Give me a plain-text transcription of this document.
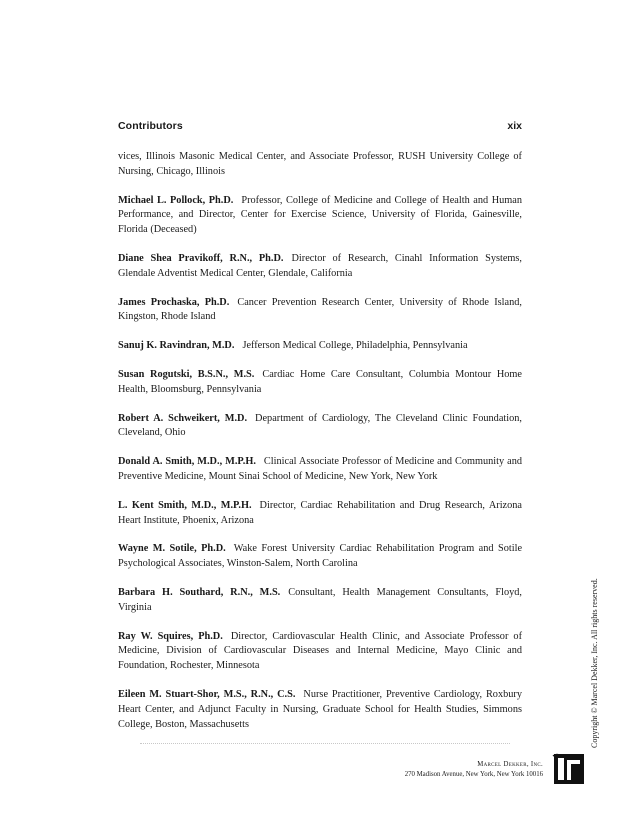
Contributors	xix

vices, Illinois Masonic Medical Center, and Associate Professor, RUSH University College of Nursing, Chicago, Illinois

Michael L. Pollock, Ph.D. Professor, College of Medicine and College of Health and Human Performance, and Director, Center for Exercise Science, University of Florida, Gainesville, Florida (Deceased)

Diane Shea Pravikoff, R.N., Ph.D. Director of Research, Cinahl Information Systems, Glendale Adventist Medical Center, Glendale, California

James Prochaska, Ph.D. Cancer Prevention Research Center, University of Rhode Island, Kingston, Rhode Island

Sanuj K. Ravindran, M.D. Jefferson Medical College, Philadelphia, Pennsylvania

Susan Rogutski, B.S.N., M.S. Cardiac Home Care Consultant, Columbia Montour Home Health, Bloomsburg, Pennsylvania

Robert A. Schweikert, M.D. Department of Cardiology, The Cleveland Clinic Foundation, Cleveland, Ohio

Donald A. Smith, M.D., M.P.H. Clinical Associate Professor of Medicine and Community and Preventive Medicine, Mount Sinai School of Medicine, New York, New York

L. Kent Smith, M.D., M.P.H. Director, Cardiac Rehabilitation and Drug Research, Arizona Heart Institute, Phoenix, Arizona

Wayne M. Sotile, Ph.D. Wake Forest University Cardiac Rehabilitation Program and Sotile Psychological Associates, Winston-Salem, North Carolina

Barbara H. Southard, R.N., M.S. Consultant, Health Management Consultants, Floyd, Virginia

Ray W. Squires, Ph.D. Director, Cardiovascular Health Clinic, and Associate Professor of Medicine, Division of Cardiovascular Diseases and Internal Medicine, Mayo Clinic and Foundation, Rochester, Minnesota

Eileen M. Stuart-Shor, M.S., R.N., C.S. Nurse Practitioner, Preventive Cardiology, Roxbury Heart Center, and Adjunct Faculty in Nursing, Graduate School for Health Studies, Simmons College, Boston, Massachusetts

Marcel Dekker, Inc.
270 Madison Avenue, New York, New York 10016
Copyright © Marcel Dekker, Inc. All rights reserved.
